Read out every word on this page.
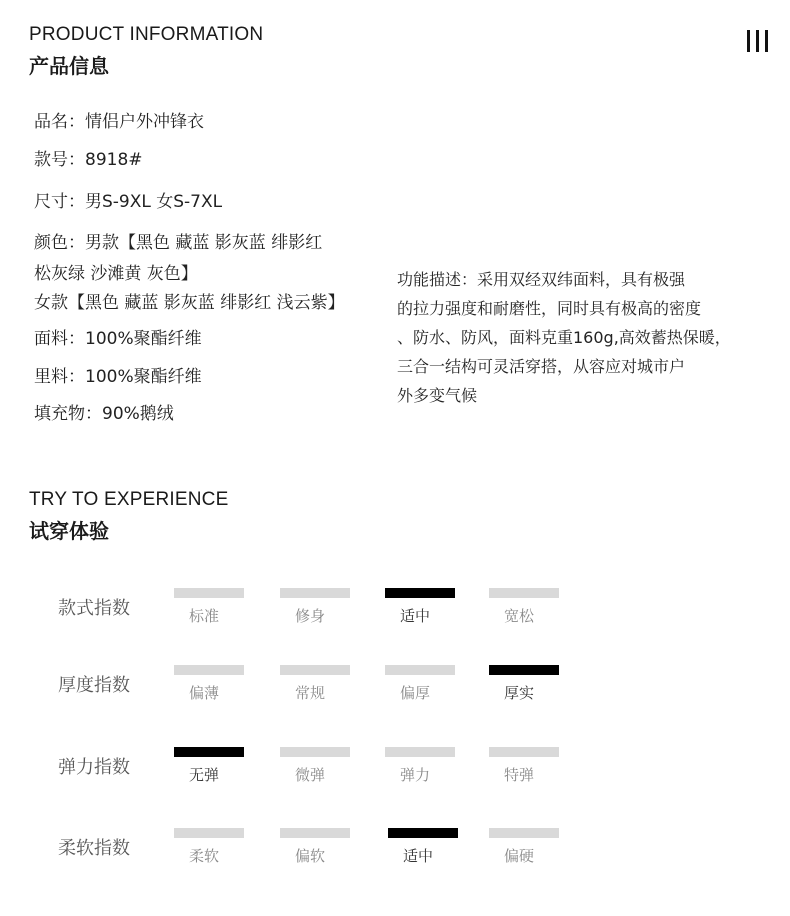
PRODUCT INFORMATION
产品信息
品名：情侣户外冲锋衣
款号：8918#
尺寸：男S-9XL 女S-7XL
颜色：男款【黑色 藏蓝 影灰蓝 绯影红
松灰绿 沙滩黄 灰色】
女款【黑色 藏蓝 影灰蓝 绯影红 浅云紫】
面料：100%聚酯纤维
里料：100%聚酯纤维
填充物：90%鹅绒
功能描述：采用双经双纬面料，具有极强
的拉力强度和耐磨性，同时具有极高的密度
、防水、防风，面料克重160g,高效蓄热保暖，
三合一结构可灵活穿搭，从容应对城市户
外多变气候
TRY TO EXPERIENCE
试穿体验
款式指数	标准	修身	适中	宽松
厚度指数	偏薄	常规	偏厚	厚实
弹力指数	无弹	微弹	弹力	特弹
柔软指数	柔软	偏软	适中	偏硬
